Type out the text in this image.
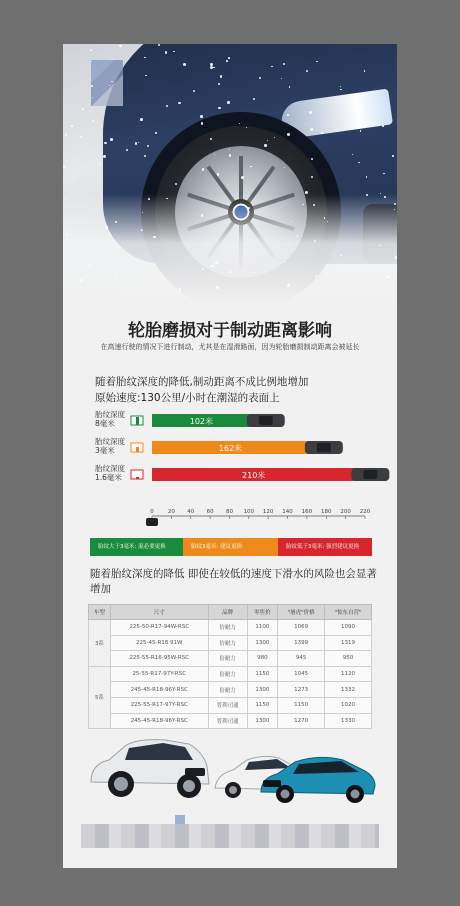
轮胎磨损对于制动距离影响
在高速行驶的情况下进行制动，尤其是在湿滑路面，因为轮胎磨损制动距离会被延长
随着胎纹深度的降低,制动距离不成比例地增加
原始速度:130公里/小时在潮湿的表面上
102米
162米
210米
0	20 40 60 80 100 120 140 160 180 200 220
胎纹深度
8毫米
胎纹深度
3毫米
胎纹深度
1.6毫米
胎纹大于3毫米: 混必要更换	胎纹3毫米: 建议更换	胎纹低于3毫米: 强烈建议更换
随着胎纹深度的降低 即使在较低的速度下滑水的风险也会显著增加
车型	尺寸	品牌	零售价	"屠虎"价格	"惊东自营"
3系	225-50-R17-94W-RSC	倍耐力	1100	1069	1090
	225-45-R18 91W	倍耐力	1300	1399	1319
	225-55-R16-95W-RSC	倍耐力	980	945	950
5系	25-55-R17-97Y-RSC	倍耐力	1150	1045	1120
	245-45-R18-96Y-RSC	倍耐力	1300	1273	1332
	225-55-R17-97Y-RSC	普利司通	1150	1150	1020
	245-45-R18-96Y-RSC	普利司通	1300	1270	1330
